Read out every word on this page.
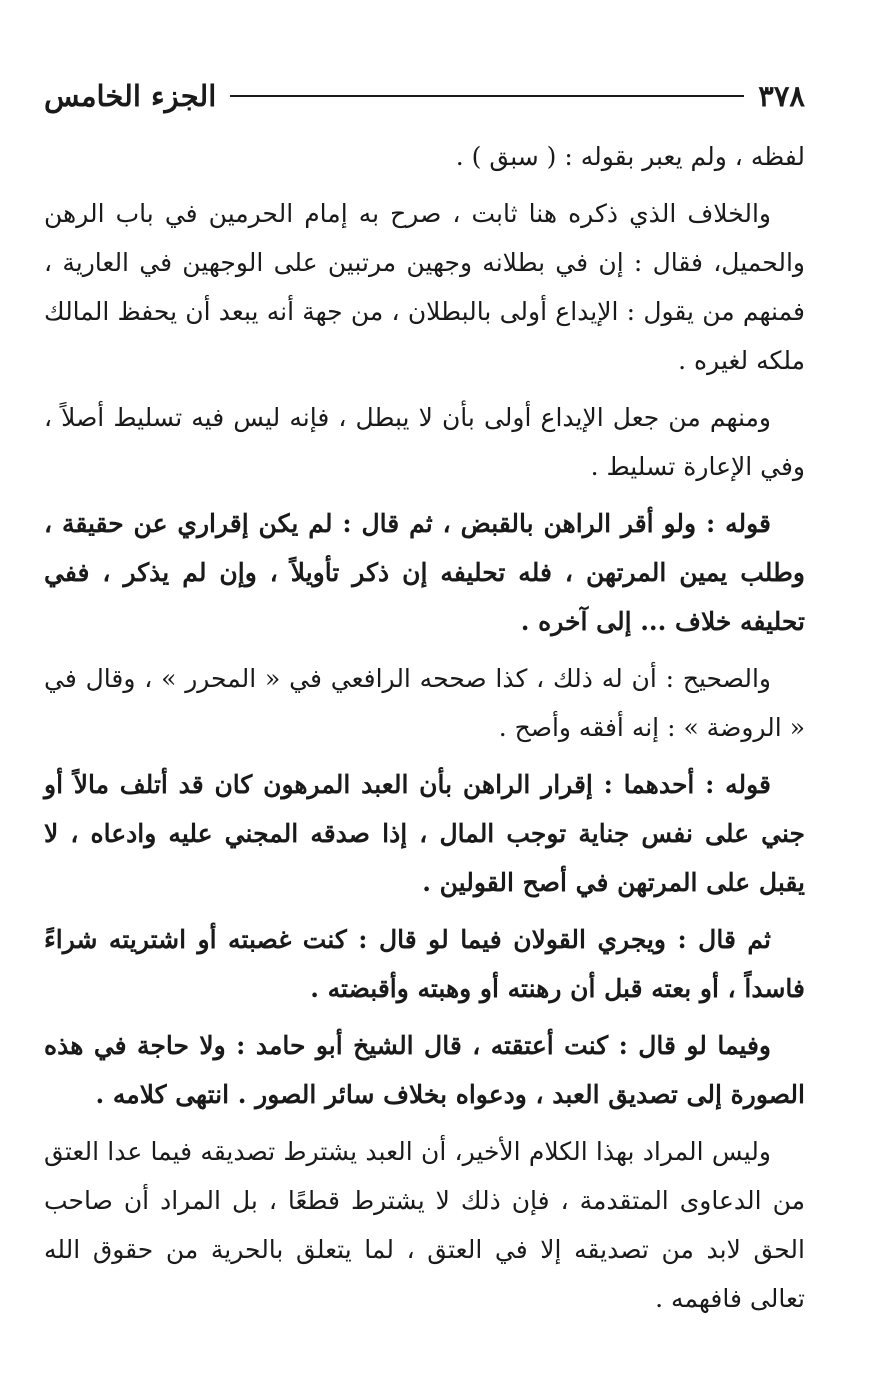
٣٧٨
الجزء الخامس

لفظه ، ولم يعبر بقوله : ( سبق ) .

والخلاف الذي ذكره هنا ثابت ، صرح به إمام الحرمين في باب الرهن والحميل، فقال : إن في بطلانه وجهين مرتبين على الوجهين في العارية ، فمنهم من يقول : الإيداع أولى بالبطلان ، من جهة أنه يبعد أن يحفظ المالك ملكه لغيره .

ومنهم من جعل الإيداع أولى بأن لا يبطل ، فإنه ليس فيه تسليط أصلاً ، وفي الإعارة تسليط .

قوله : ولو أقر الراهن بالقبض ، ثم قال : لم يكن إقراري عن حقيقة ، وطلب يمين المرتهن ، فله تحليفه إن ذكر تأويلاً ، وإن لم يذكر ، ففي تحليفه خلاف ... إلى آخره .

والصحيح : أن له ذلك ، كذا صححه الرافعي في « المحرر » ، وقال في « الروضة » : إنه أفقه وأصح .

قوله : أحدهما : إقرار الراهن بأن العبد المرهون كان قد أتلف مالاً أو جني على نفس جناية توجب المال ، إذا صدقه المجني عليه وادعاه ، لا يقبل على المرتهن في أصح القولين .

ثم قال : ويجري القولان فيما لو قال : كنت غصبته أو اشتريته شراءً فاسداً ، أو بعته قبل أن رهنته أو وهبته وأقبضته .

وفيما لو قال : كنت أعتقته ، قال الشيخ أبو حامد : ولا حاجة في هذه الصورة إلى تصديق العبد ، ودعواه بخلاف سائر الصور . انتهى كلامه .

وليس المراد بهذا الكلام الأخير، أن العبد يشترط تصديقه فيما عدا العتق من الدعاوى المتقدمة ، فإن ذلك لا يشترط قطعًا ، بل المراد أن صاحب الحق لابد من تصديقه إلا في العتق ، لما يتعلق بالحرية من حقوق الله تعالى فافهمه .
